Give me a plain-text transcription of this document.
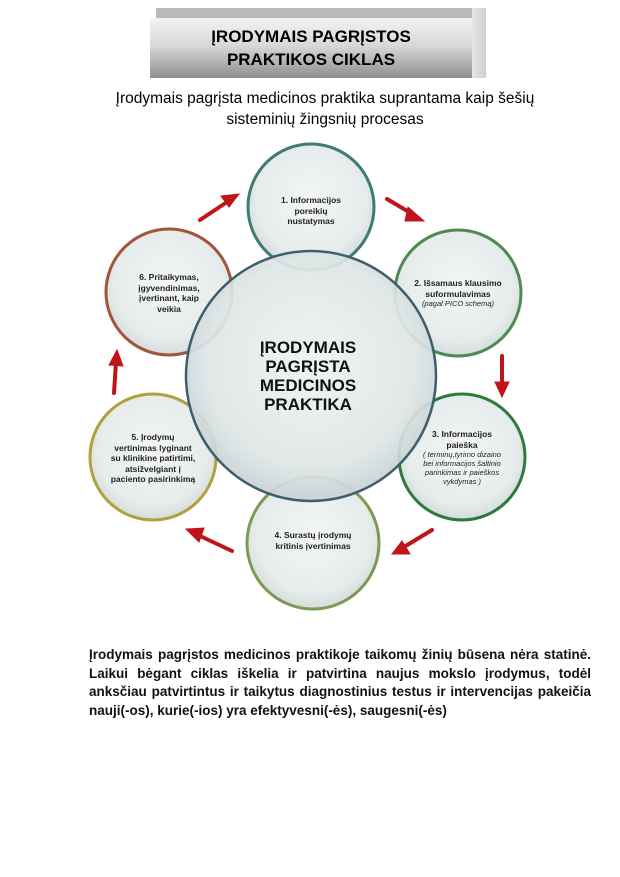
ĮRODYMAIS PAGRĮSTOS
PRAKTIKOS CIKLAS
Įrodymais pagrįsta medicinos praktika suprantama kaip šešių
sisteminių žingsnių procesas
ĮRODYMAIS
PAGRĮSTA
MEDICINOS
PRAKTIKA
1. Informacijos
poreikių
nustatymas
2. Išsamaus klausimo
suformulavimas
(pagal PICO schemą)
3. Informacijos
paieška
( terminų,tyrimo dizaino bei informacijos šaltinio parinkimas ir paieškos vykdymas )
4. Surastų įrodymų
kritinis įvertinimas
5. Įrodymų
vertinimas lyginant
su klinikine patirtimi,
atsižvelgiant į
paciento pasirinkimą
6. Pritaikymas,
įgyvendinimas,
įvertinant, kaip
veikia
Įrodymais pagrįstos medicinos praktikoje taikomų žinių būsena nėra statinė. Laikui bėgant ciklas iškelia ir patvirtina naujus mokslo įrodymus, todėl anksčiau patvirtintus ir taikytus diagnostinius testus ir intervencijas pakeičia nauji(-os), kurie(-ios) yra efektyvesni(-ės), saugesni(-ės)
